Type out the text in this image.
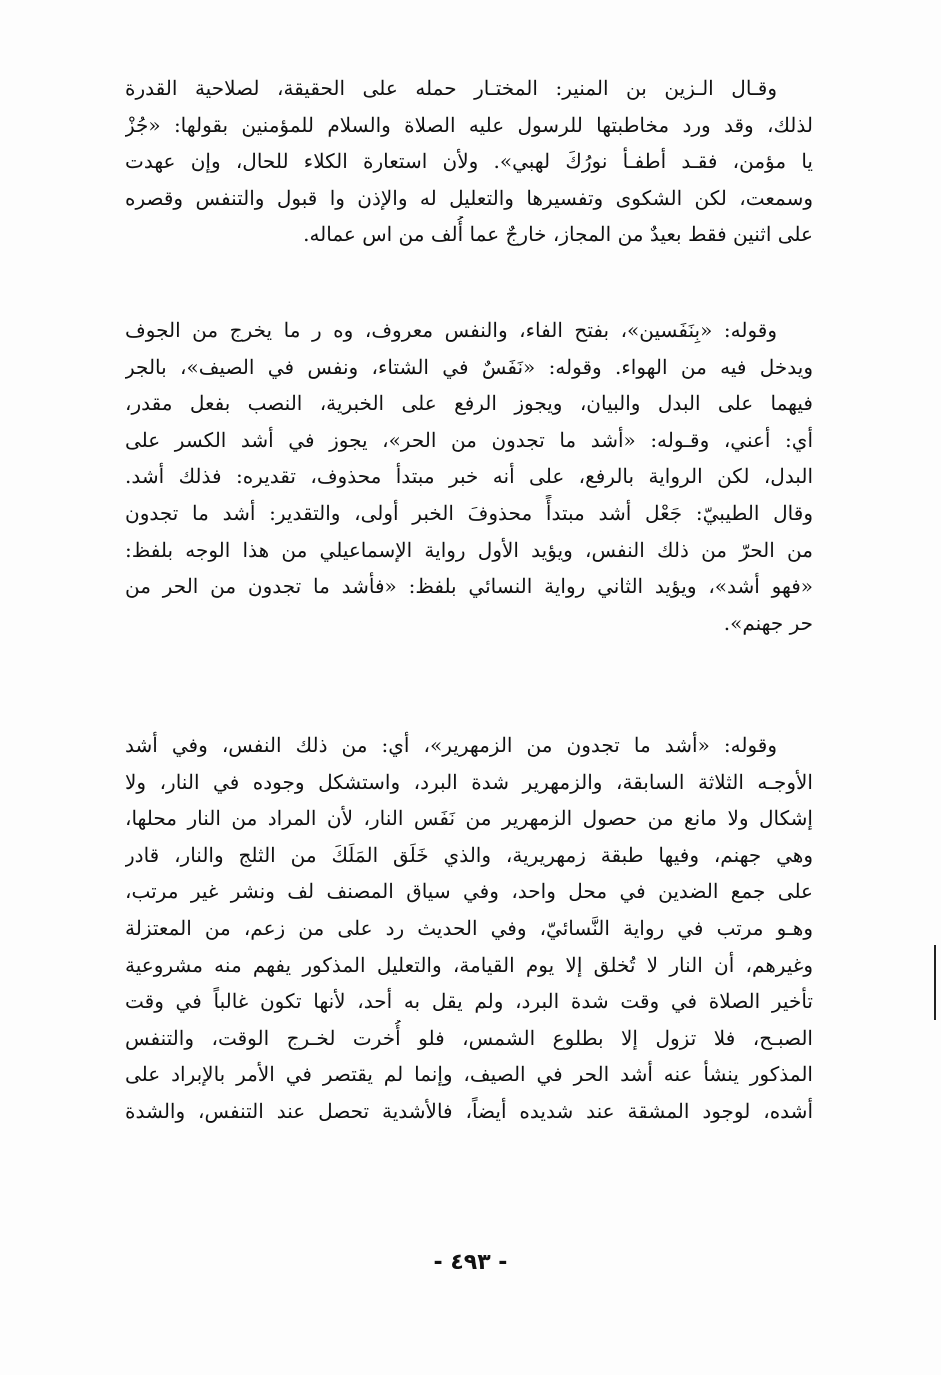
وقـال الـزين بن المنير: المختـار حمله على الحقيقة، لصلاحية القدرة
لذلك، وقد ورد مخاطبتها للرسول عليه الصلاة والسلام للمؤمنين بقولها: «جُزْ
يا مؤمن، فقـد أطفـأ نورُكَ لهبي». ولأن استعارة الكلاء للحال، وإن عهدت
وسمعت، لكن الشكوى وتفسيرها والتعليل له والإذن وا قبول والتنفس وقصره
على اثنين فقط بعيدٌ من المجاز، خارجٌ عما أُلف من اس عماله.

وقوله: «بِنَفَسين»، بفتح الفاء، والنفس معروف، وه ر ما يخرج من الجوف
ويدخل فيه من الهواء. وقوله: «نَفَسٌ في الشتاء، ونفس في الصيف»، بالجر
فيهما على البدل والبيان، ويجوز الرفع على الخبرية، النصب بفعل مقدر،
أي: أعني، وقـوله: «أشد ما تجدون من الحر»، يجوز في أشد الكسر على
البدل، لكن الرواية بالرفع، على أنه خبر مبتدأ محذوف، تقديره: فذلك أشد.
وقال الطيبيّ: جَعْل أشد مبتدأً محذوفَ الخبر أولى، والتقدير: أشد ما تجدون
من الحرّ من ذلك النفس، ويؤيد الأول رواية الإسماعيلي من هذا الوجه بلفظ:
«فهو أشد»، ويؤيد الثاني رواية النسائي بلفظ: «فأشد ما تجدون من الحر من
حر جهنم».

وقوله: «أشد ما تجدون من الزمهرير»، أي: من ذلك النفس، وفي أشد
الأوجـه الثلاثة السابقة، والزمهرير شدة البرد، واستشكل وجوده في النار، ولا
إشكال ولا مانع من حصول الزمهرير من نَفَس النار، لأن المراد من النار محلها،
وهي جهنم، وفيها طبقة زمهريرية، والذي خَلَق المَلَكَ من الثلج والنار، قادر
على جمع الضدين في محل واحد، وفي سياق المصنف لف ونشر غير مرتب،
وهـو مرتب في رواية النَّسائيّ، وفي الحديث رد على من زعم، من المعتزلة
وغيرهم، أن النار لا تُخلق إلا يوم القيامة، والتعليل المذكور يفهم منه مشروعية
تأخير الصلاة في وقت شدة البرد، ولم يقل به أحد، لأنها تكون غالباً في وقت
الصبـح، فلا تزول إلا بطلوع الشمس، فلو أُخرت لخـرج الوقت، والتنفس
المذكور ينشأ عنه أشد الحر في الصيف، وإنما لم يقتصر في الأمر بالإبراد على
أشده، لوجود المشقة عند شديده أيضاً، فالأشدية تحصل عند التنفس، والشدة

- ٤٩٣ -
